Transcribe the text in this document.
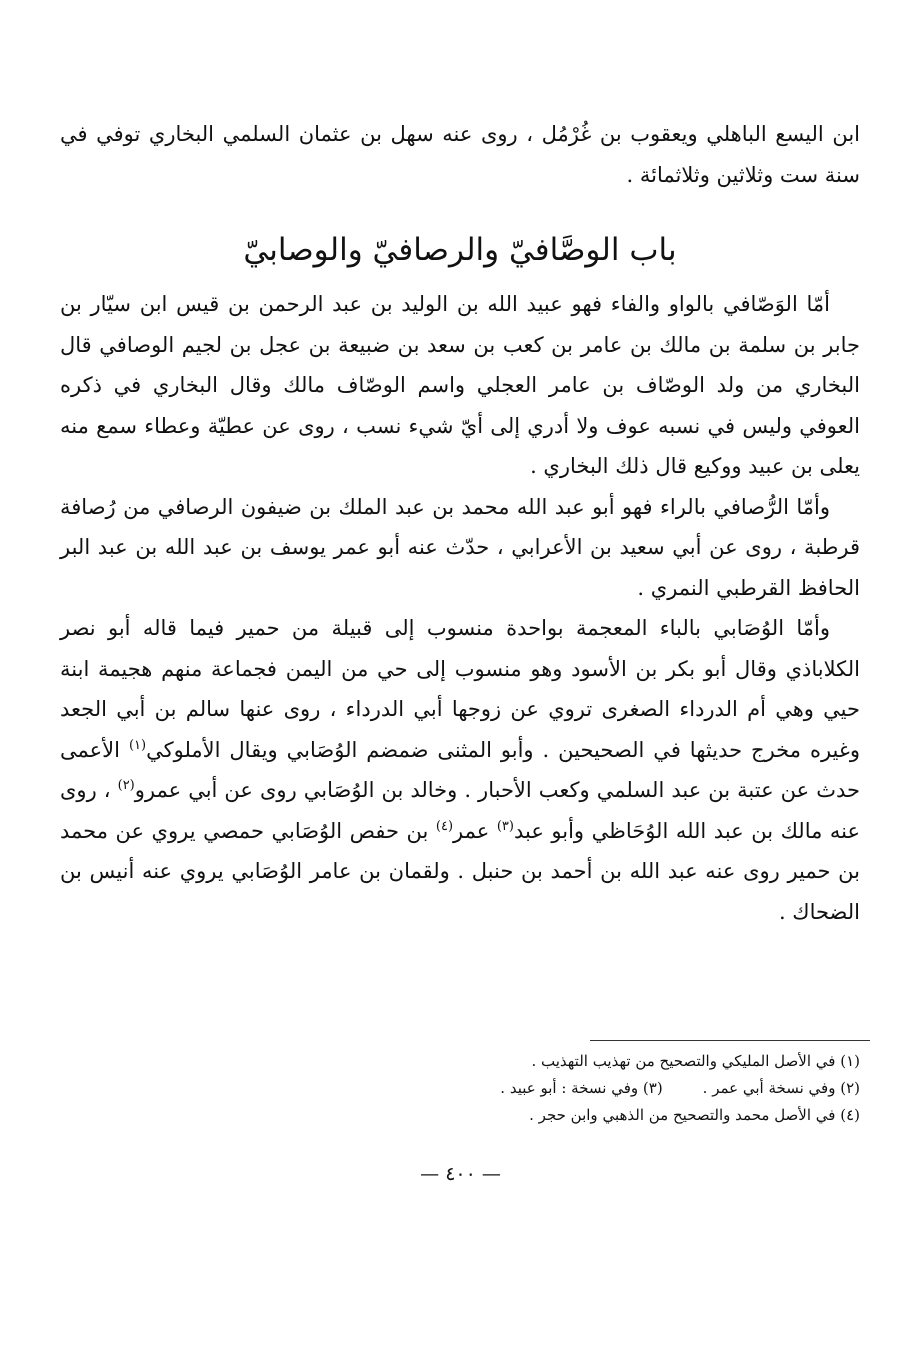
ابن اليسع الباهلي ويعقوب بن غُرْمُل ، روى عنه سهل بن عثمان السلمي البخاري توفي في سنة ست وثلاثين وثلاثمائة .

باب الوصَّافيّ والرصافيّ والوصابيّ

أمّا الوَصّافي بالواو والفاء فهو عبيد الله بن الوليد بن عبد الرحمن بن قيس ابن سيّار بن جابر بن سلمة بن مالك بن عامر بن كعب بن سعد بن ضبيعة بن عجل بن لجيم الوصافي قال البخاري من ولد الوصّاف بن عامر العجلي واسم الوصّاف مالك وقال البخاري في ذكره العوفي وليس في نسبه عوف ولا أدري إلى أيّ شيء نسب ، روى عن عطيّة وعطاء سمع منه يعلى بن عبيد ووكيع قال ذلك البخاري .

وأمّا الرُّصافي بالراء فهو أبو عبد الله محمد بن عبد الملك بن ضيفون الرصافي من رُصافة قرطبة ، روى عن أبي سعيد بن الأعرابي ، حدّث عنه أبو عمر يوسف بن عبد الله بن عبد البر الحافظ القرطبي النمري .

وأمّا الوُصَابي بالباء المعجمة بواحدة منسوب إلى قبيلة من حمير فيما قاله أبو نصر الكلاباذي وقال أبو بكر بن الأسود وهو منسوب إلى حي من اليمن فجماعة منهم هجيمة ابنة حيي وهي أم الدرداء الصغرى تروي عن زوجها أبي الدرداء ، روى عنها سالم بن أبي الجعد وغيره مخرج حديثها في الصحيحين . وأبو المثنى ضمضم الوُصَابي ويقال الأملوكي$^{(١)}$ الأعمى حدث عن عتبة بن عبد السلمي وكعب الأحبار . وخالد بن الوُصَابي روى عن أبي عمرو$^{(٢)}$ ، روى عنه مالك بن عبد الله الوُحَاظي وأبو عبد$^{(٣)}$ عمر$^{(٤)}$ بن حفص الوُصَابي حمصي يروي عن محمد بن حمير روى عنه عبد الله بن أحمد بن حنبل . ولقمان بن عامر الوُصَابي يروي عنه أنيس بن الضحاك .

(١) في الأصل المليكي والتصحيح من تهذيب التهذيب .

(٢) وفي نسخة أبي عمر .(٣) وفي نسخة : أبو عبيد .

(٤) في الأصل محمد والتصحيح من الذهبي وابن حجر .

— ٤٠٠ —
